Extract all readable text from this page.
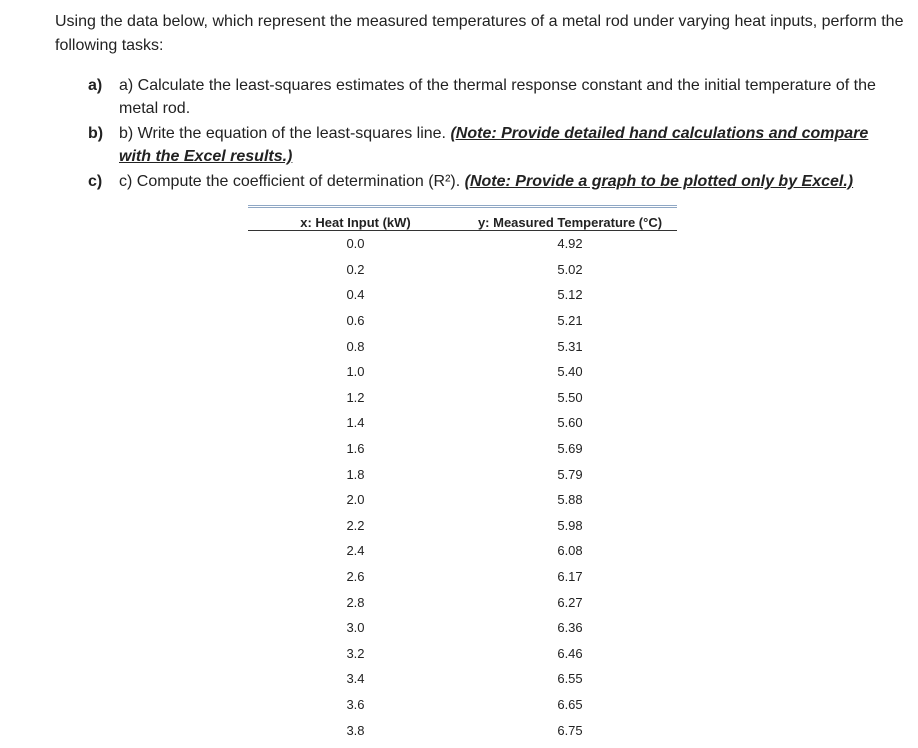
Using the data below, which represent the measured temperatures of a metal rod under varying heat inputs, perform the following tasks:

a) a) Calculate the least-squares estimates of the thermal response constant and the initial temperature of the metal rod.
b) b) Write the equation of the least-squares line. (Note: Provide detailed hand calculations and compare with the Excel results.)
c) c) Compute the coefficient of determination (R²). (Note: Provide a graph to be plotted only by Excel.)
x: Heat Input (kW)	y: Measured Temperature (°C)
0.0	4.92
0.2	5.02
0.4	5.12
0.6	5.21
0.8	5.31
1.0	5.40
1.2	5.50
1.4	5.60
1.6	5.69
1.8	5.79
2.0	5.88
2.2	5.98
2.4	6.08
2.6	6.17
2.8	6.27
3.0	6.36
3.2	6.46
3.4	6.55
3.6	6.65
3.8	6.75
